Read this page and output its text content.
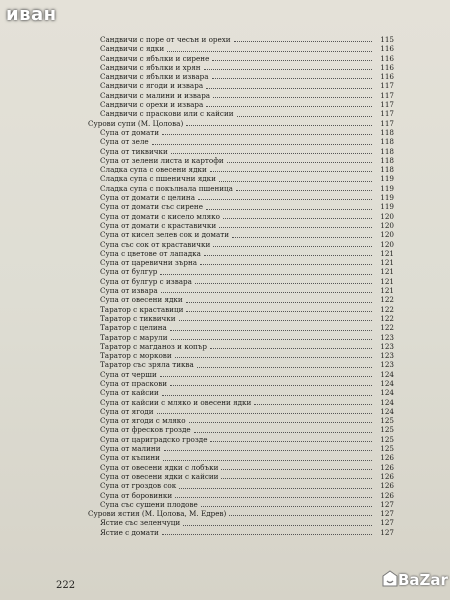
иван
Сандвичи с поре от чесън и орехи	115
Сандвичи с ядки	116
Сандвичи с ябълки и сирене	116
Сандвичи с ябълки и хрян	116
Сандвичи с ябълки и извара	116
Сандвичи с ягоди и извара	117
Сандвичи с малини и извара	117
Сандвичи с орехи и извара	117
Сандвичи с праскови или с кайсии	117
Сурови супи (М. Цолова)	117
Супа от домати	118
Супа от зеле	118
Супа от тиквички	118
Супа от зелени листа и картофи	118
Сладка супа с овесени ядки	118
Сладка супа с пшенични ядки	119
Сладка супа с покълнала пшеница	119
Супа от домати с целина	119
Супа от домати със сирене	119
Супа от домати с кисело мляко	120
Супа от домати с краставички	120
Супа от кисел зелев сок и домати	120
Супа със сок от краставички	120
Супа с цветове от лападка	121
Супа от царевични зърна	121
Супа от булгур	121
Супа от булгур с извара	121
Супа от извара	121
Супа от овесени ядки	122
Таратор с краставици	122
Таратор с тиквички	122
Таратор с целина	122
Таратор с марули	123
Таратор с магданоз и копър	123
Таратор с моркови	123
Таратор със зряла тиква	123
Супа от черши	124
Супа от праскови	124
Супа от кайсии	124
Супа от кайсии с мляко и овесени ядки	124
Супа от ягоди	124
Супа от ягоди с мляко	125
Супа от фресков грозде	125
Супа от цариградско грозде	125
Супа от малини	125
Супа от къпини	126
Супа от овесени ядки с лобъки	126
Супа от овесени ядки с кайсии	126
Супа от гроздов сок	126
Супа от боровинки	126
Супа със сушени плодове	127
Сурови ястия (М. Цолова, М. Едрев)	127
Ястие със зеленчуци	127
Ястие с домати	127
222	BaZar
